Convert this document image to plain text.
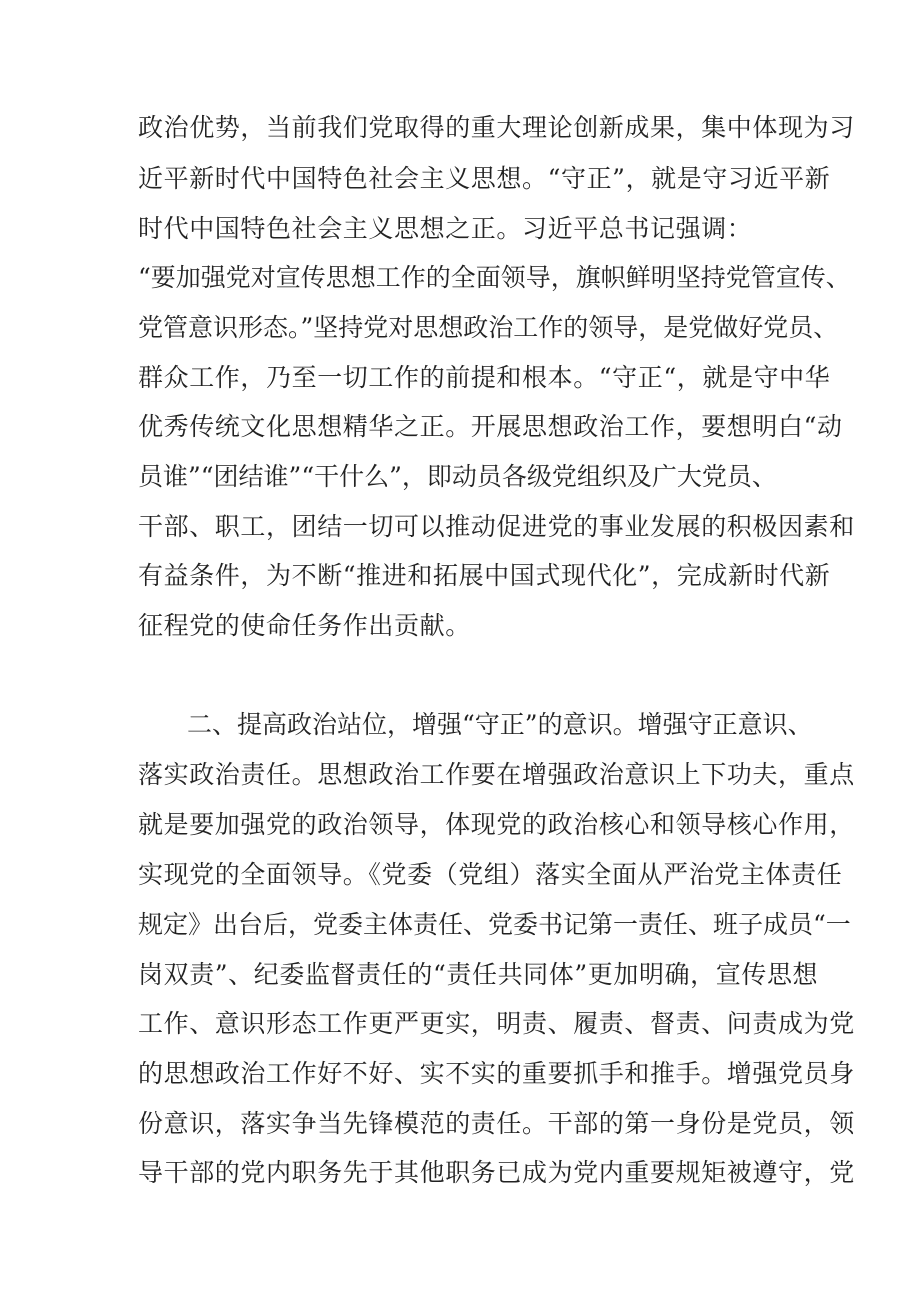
政治优势，当前我们党取得的重大理论创新成果，集中体现为习
近平新时代中国特色社会主义思想。“守正”，就是守习近平新
时代中国特色社会主义思想之正。习近平总书记强调：
“要加强党对宣传思想工作的全面领导，旗帜鲜明坚持党管宣传、
党管意识形态。”坚持党对思想政治工作的领导，是党做好党员、
群众工作，乃至一切工作的前提和根本。“守正“，就是守中华
优秀传统文化思想精华之正。开展思想政治工作，要想明白“动
员谁”“团结谁”“干什么”，即动员各级党组织及广大党员、
干部、职工，团结一切可以推动促进党的事业发展的积极因素和
有益条件，为不断“推进和拓展中国式现代化”，完成新时代新
征程党的使命任务作出贡献。
二、提高政治站位，增强“守正”的意识。增强守正意识、
落实政治责任。思想政治工作要在增强政治意识上下功夫，重点
就是要加强党的政治领导，体现党的政治核心和领导核心作用，
实现党的全面领导。《党委（党组）落实全面从严治党主体责任
规定》出台后，党委主体责任、党委书记第一责任、班子成员“一
岗双责”、纪委监督责任的“责任共同体”更加明确，宣传思想
工作、意识形态工作更严更实，明责、履责、督责、问责成为党
的思想政治工作好不好、实不实的重要抓手和推手。增强党员身
份意识，落实争当先锋模范的责任。干部的第一身份是党员，领
导干部的党内职务先于其他职务已成为党内重要规矩被遵守，党
